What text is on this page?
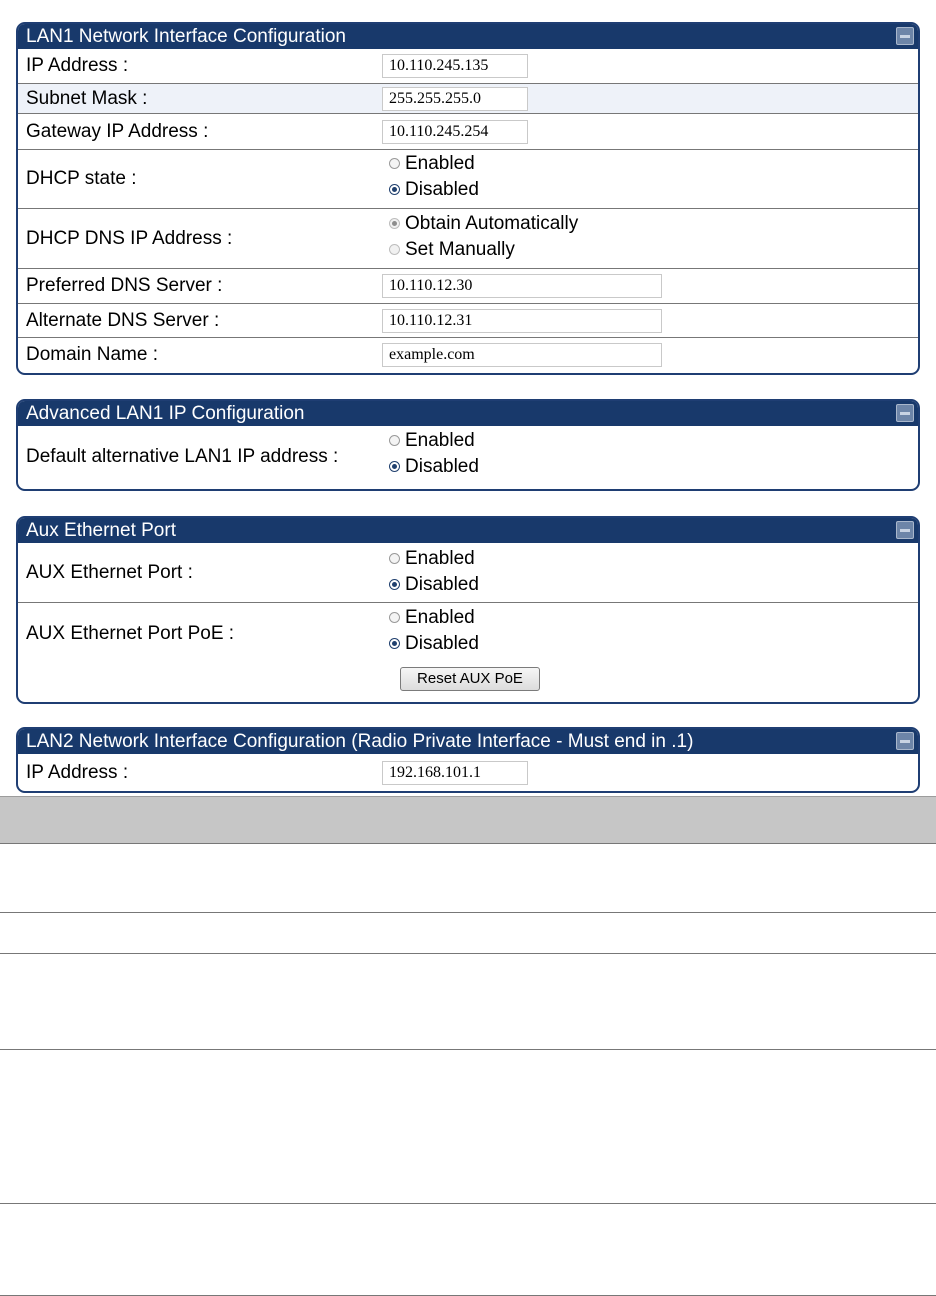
LAN1 Network Interface Configuration
IP Address :	10.110.245.135
Subnet Mask :	255.255.255.0
Gateway IP Address :	10.110.245.254
DHCP state :
Enabled
Disabled
DHCP DNS IP Address :
Obtain Automatically
Set Manually
Preferred DNS Server :	10.110.12.30
Alternate DNS Server :	10.110.12.31
Domain Name :	example.com
Advanced LAN1 IP Configuration
Default alternative LAN1 IP address :
Enabled
Disabled
Aux Ethernet Port
AUX Ethernet Port :
Enabled
Disabled
AUX Ethernet Port PoE :
Enabled
Disabled
Reset AUX PoE
LAN2 Network Interface Configuration (Radio Private Interface - Must end in .1)
IP Address :	192.168.101.1
